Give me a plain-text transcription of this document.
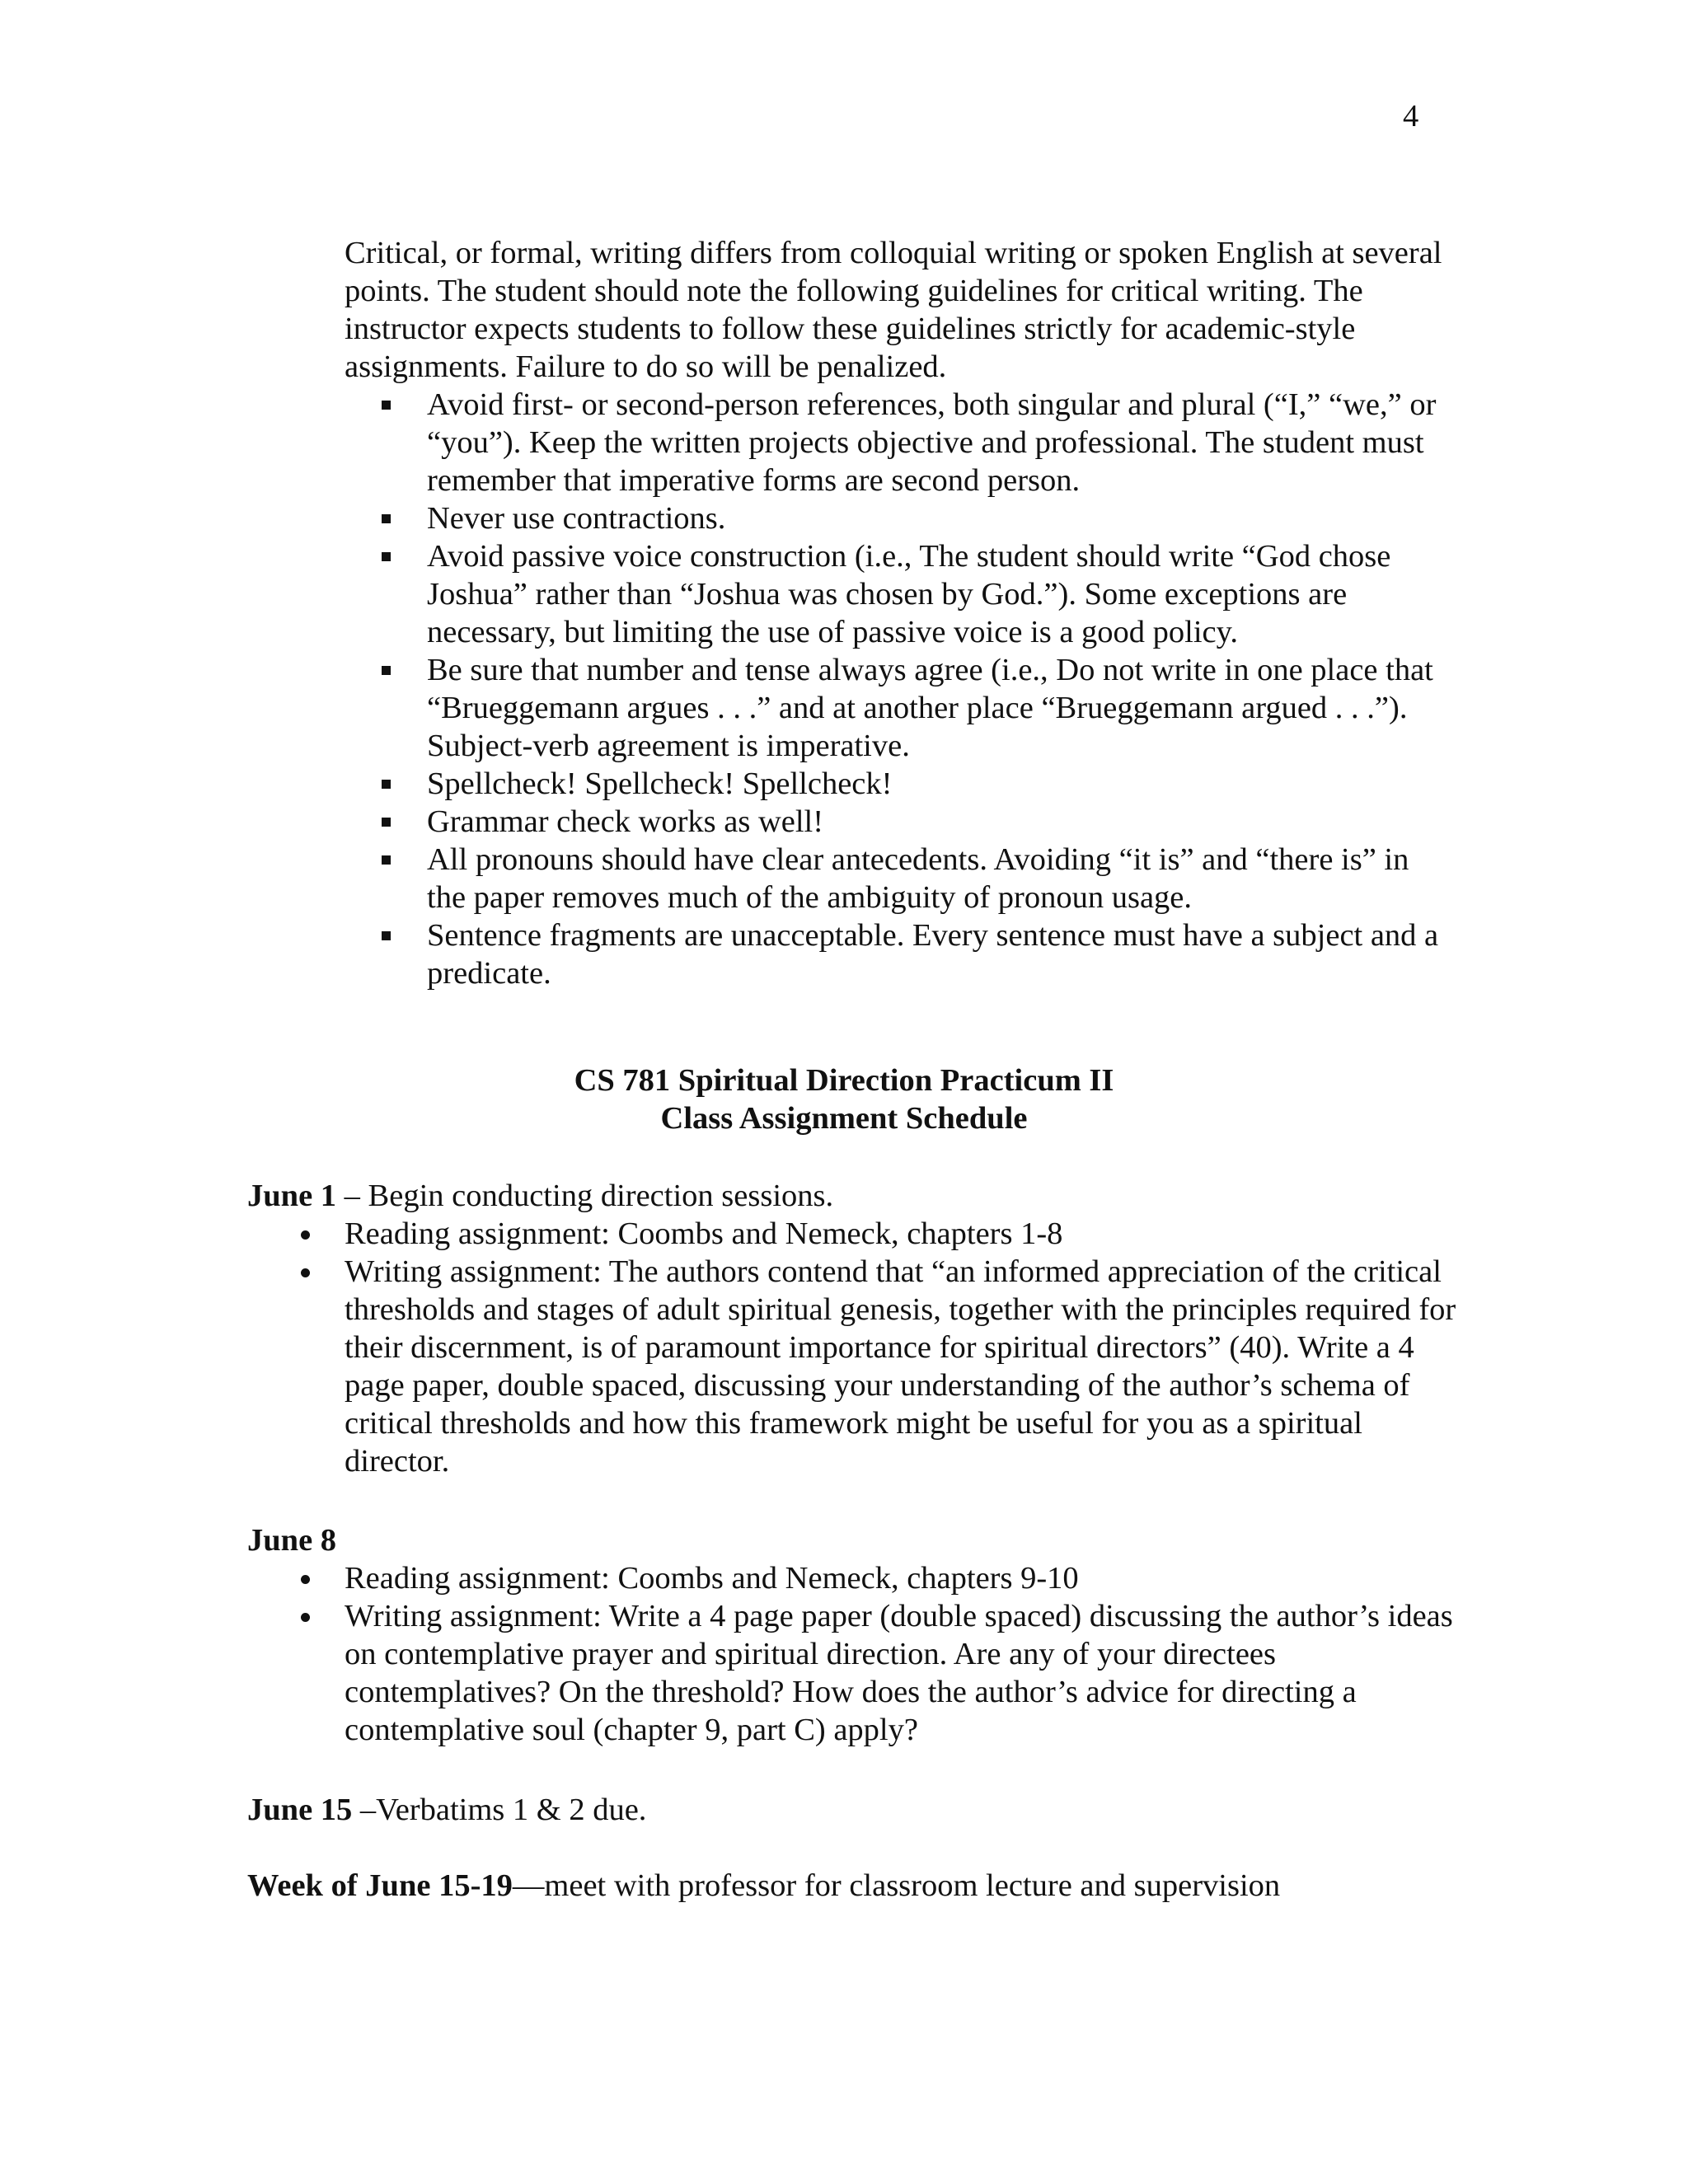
4

Critical, or formal, writing differs from colloquial writing or spoken English at several points. The student should note the following guidelines for critical writing. The instructor expects students to follow these guidelines strictly for academic-style assignments. Failure to do so will be penalized.

Avoid first- or second-person references, both singular and plural (“I,” “we,” or “you”). Keep the written projects objective and professional. The student must remember that imperative forms are second person.
Never use contractions.
Avoid passive voice construction (i.e., The student should write “God chose Joshua” rather than “Joshua was chosen by God.”). Some exceptions are necessary, but limiting the use of passive voice is a good policy.
Be sure that number and tense always agree (i.e., Do not write in one place that “Brueggemann argues . . .” and at another place “Brueggemann argued . . .”). Subject-verb agreement is imperative.
Spellcheck! Spellcheck! Spellcheck!
Grammar check works as well!
All pronouns should have clear antecedents. Avoiding “it is” and “there is” in the paper removes much of the ambiguity of pronoun usage.
Sentence fragments are unacceptable. Every sentence must have a subject and a predicate.
CS 781 Spiritual Direction Practicum II
Class Assignment Schedule

June 1 – Begin conducting direction sessions.

Reading assignment: Coombs and Nemeck, chapters 1-8
Writing assignment: The authors contend that “an informed appreciation of the critical thresholds and stages of adult spiritual genesis, together with the principles required for their discernment, is of paramount importance for spiritual directors” (40). Write a 4 page paper, double spaced, discussing your understanding of the author’s schema of critical thresholds and how this framework might be useful for you as a spiritual director.

June 8

Reading assignment: Coombs and Nemeck, chapters 9-10
Writing assignment: Write a 4 page paper (double spaced) discussing the author’s ideas on contemplative prayer and spiritual direction. Are any of your directees contemplatives? On the threshold? How does the author’s advice for directing a contemplative soul (chapter 9, part C) apply?

June 15 –Verbatims 1 & 2 due.

Week of June 15-19—meet with professor for classroom lecture and supervision
